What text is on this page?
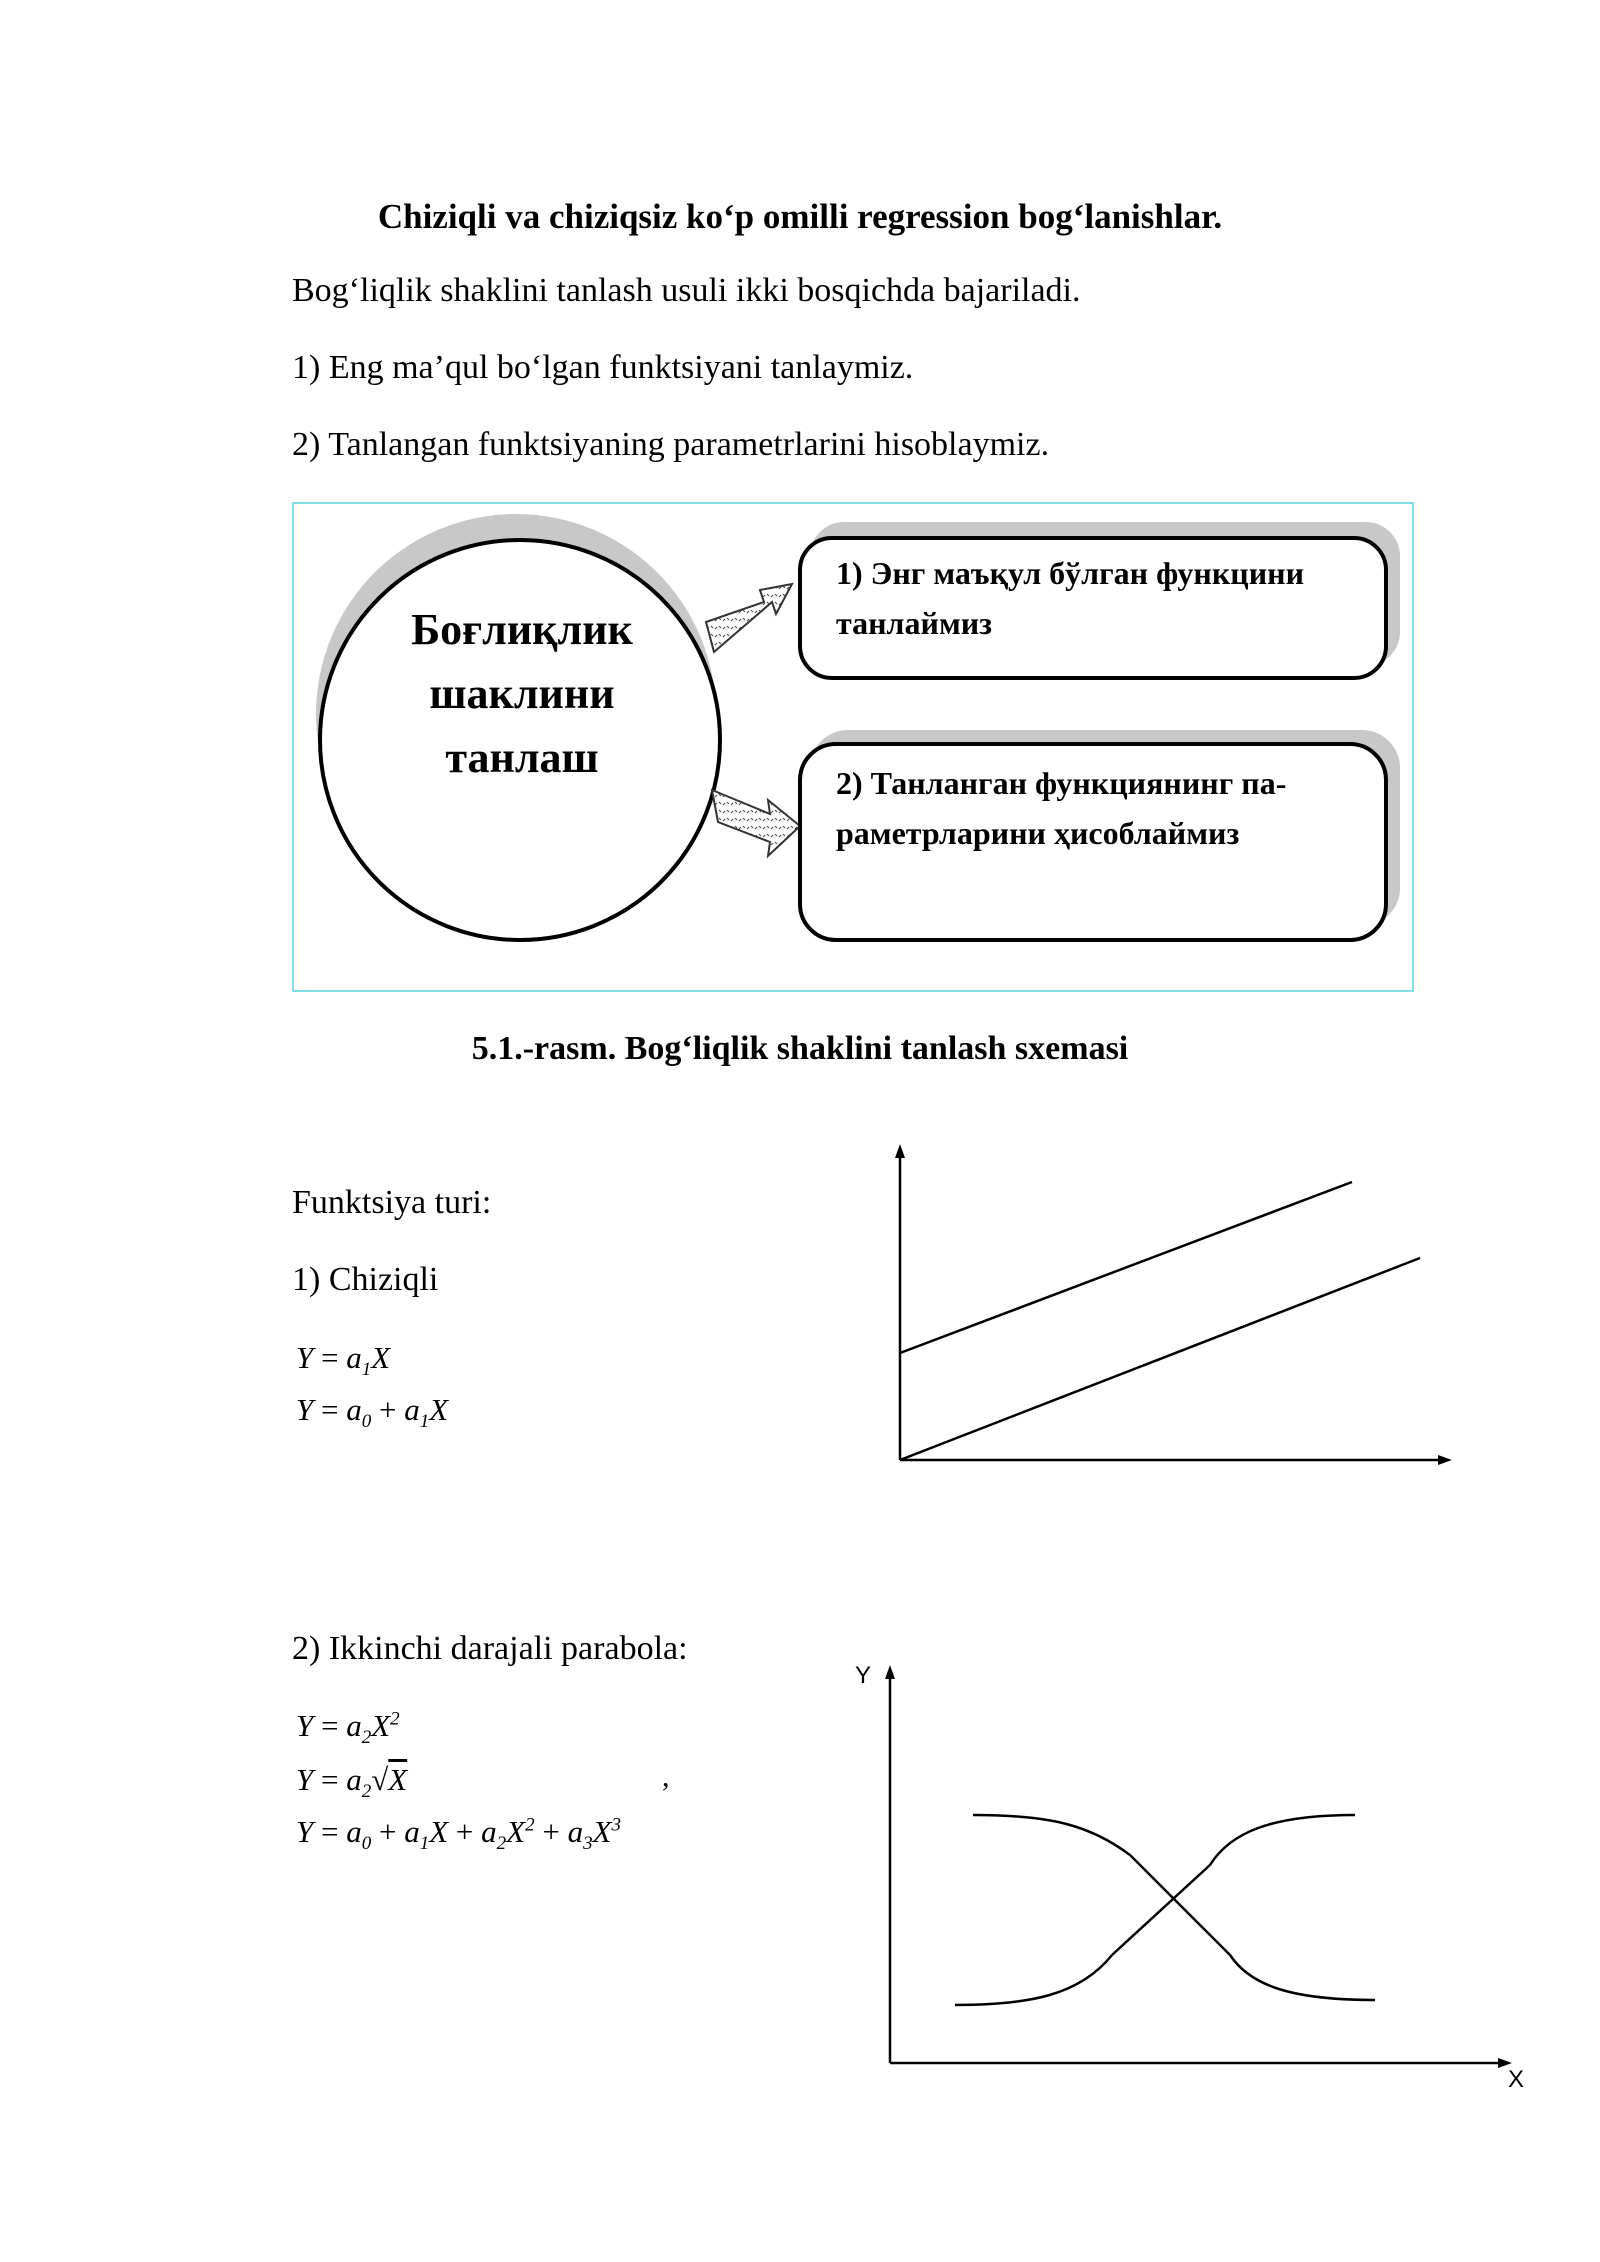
Chiziqli va chiziqsiz ko‘p omilli regression bog‘lanishlar.
Bog‘liqlik shaklini tanlash usuli ikki bosqichda bajariladi.
1) Eng ma’qul bo‘lgan funktsiyani tanlaymiz.
2) Tanlangan funktsiyaning parametrlarini hisoblaymiz.
Боғлиқлик
шаклини
танлаш
1) Энг маъқул бўлган функцини
танлаймиз
2) Танланган функциянинг па-
раметрларини ҳисоблаймиз
5.1.-rasm. Bog‘liqlik shaklini tanlash sxemasi
Funktsiya turi:
1) Chiziqli
$Y = a_1X$
$Y = a_0 + a_1X$
2) Ikkinchi darajali parabola:
$Y = a_2X^2$
$Y = a_2√X$	,
$Y = a_0 + a_1X + a_2X^2 + a_3X^3$
Y
X
